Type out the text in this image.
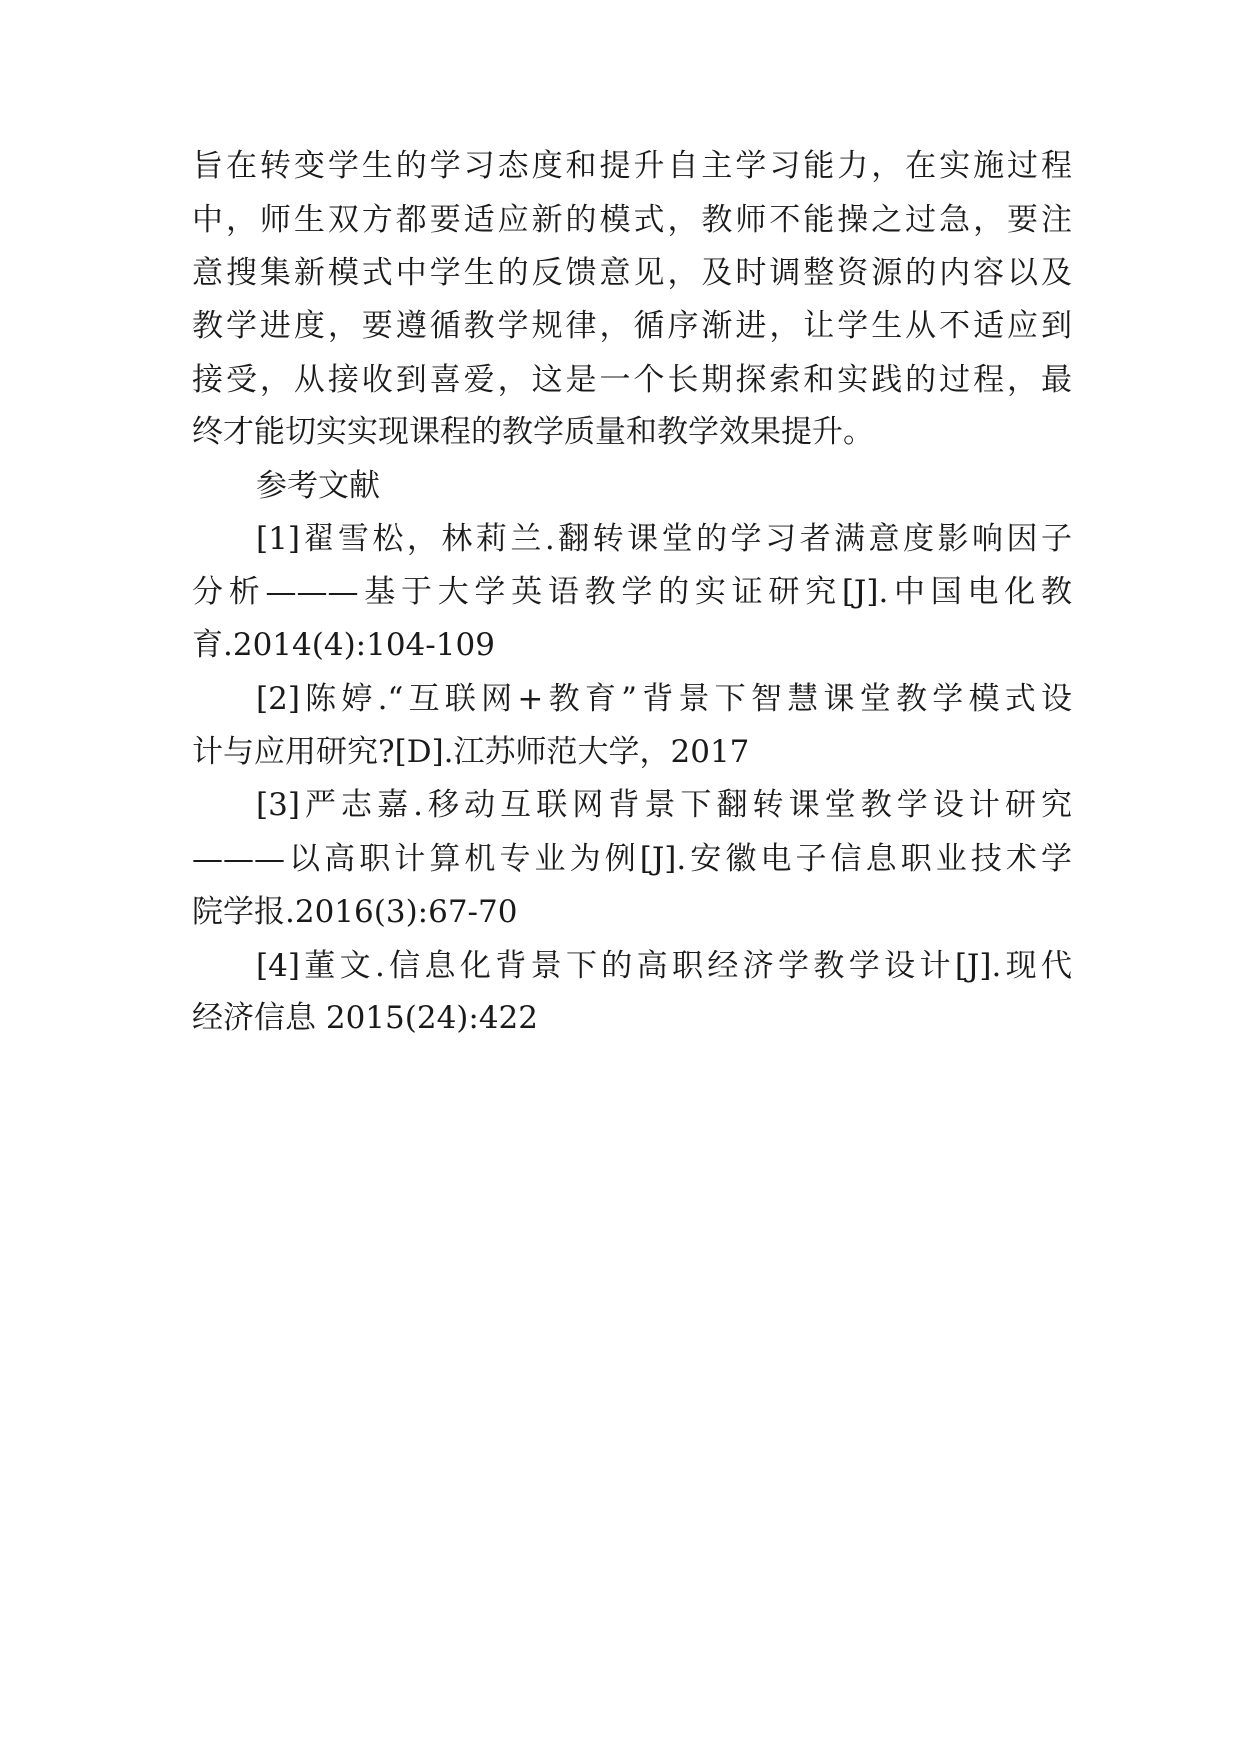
旨在转变学生的学习态度和提升自主学习能力，在实施过程

中，师生双方都要适应新的模式，教师不能操之过急，要注

意搜集新模式中学生的反馈意见，及时调整资源的内容以及

教学进度，要遵循教学规律，循序渐进，让学生从不适应到

接受，从接收到喜爱，这是一个长期探索和实践的过程，最

终才能切实实现课程的教学质量和教学效果提升。

参考文献

[1]翟雪松，林莉兰.翻转课堂的学习者满意度影响因子

分析———基于大学英语教学的实证研究[J].中国电化教

育.2014(4):104-109

[2]陈婷.“互联网+教育”背景下智慧课堂教学模式设

计与应用研究?[D].江苏师范大学，2017

[3]严志嘉.移动互联网背景下翻转课堂教学设计研究

———以高职计算机专业为例[J].安徽电子信息职业技术学

院学报.2016(3):67-70

[4]董文.信息化背景下的高职经济学教学设计[J].现代

经济信息 2015(24):422
